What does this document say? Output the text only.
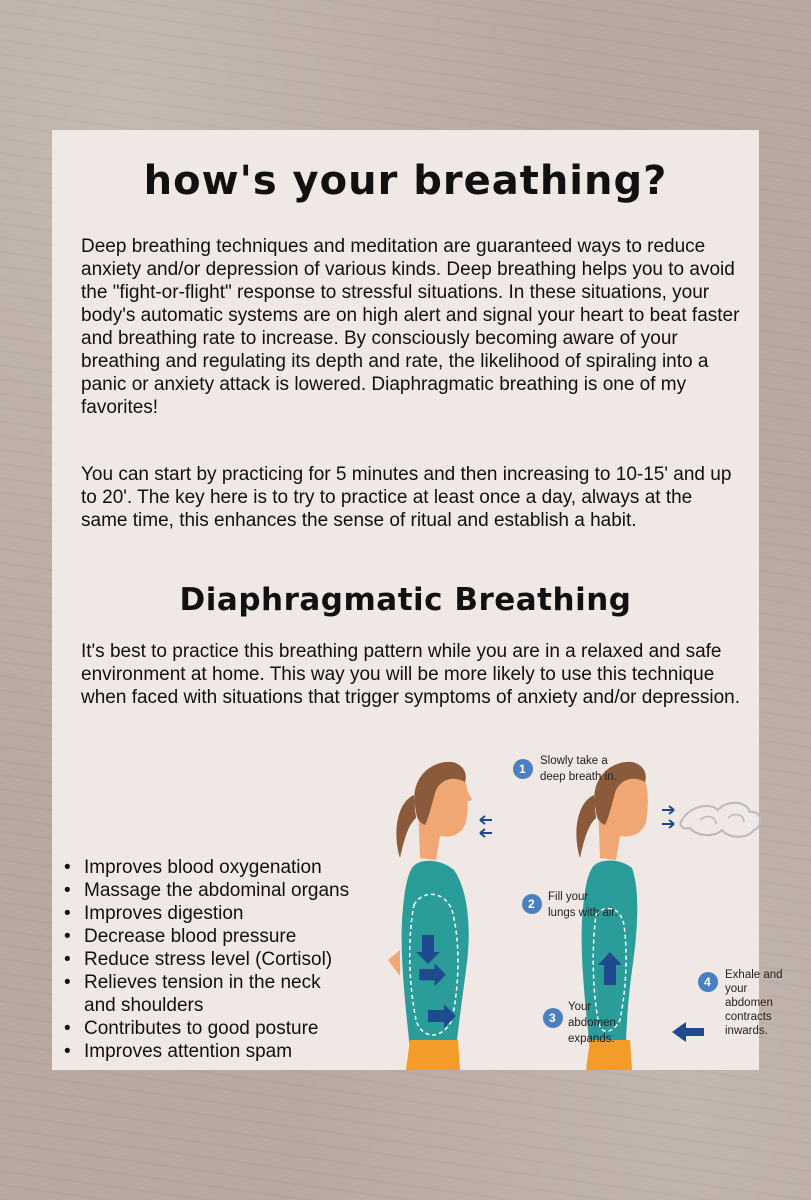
how's your breathing?
Deep breathing techniques and meditation are guaranteed ways to reduce anxiety and/or depression of various kinds. Deep breathing helps you to avoid the "fight-or-flight" response to stressful situations. In these situations, your body's automatic systems are on high alert and signal your heart to beat faster and breathing rate to increase. By consciously becoming aware of your breathing and regulating its depth and rate, the likelihood of spiraling into a panic or anxiety attack is lowered. Diaphragmatic breathing is one of my favorites!
You can start by practicing for 5 minutes and then increasing to 10-15' and up to 20'. The key here is to try to practice at least once a day, always at the same time, this enhances the sense of ritual and establish a habit.
Diaphragmatic Breathing
It's best to practice this breathing pattern while you are in a relaxed and safe environment at home. This way you will be more likely to use this technique when faced with situations that trigger symptoms of anxiety and/or depression.
• Improves blood oxygenation
• Massage the abdominal organs
• Improves digestion
• Decrease blood pressure
• Reduce stress level (Cortisol)
• Relieves tension in the neck and shoulders
• Contributes to good posture
• Improves attention spam
1
Slowly take a
deep breath in.
2 Fill your
lungs with air.
3
Your
abdomen
expands.
4 Exhale and
your
abdomen
contracts
inwards.
